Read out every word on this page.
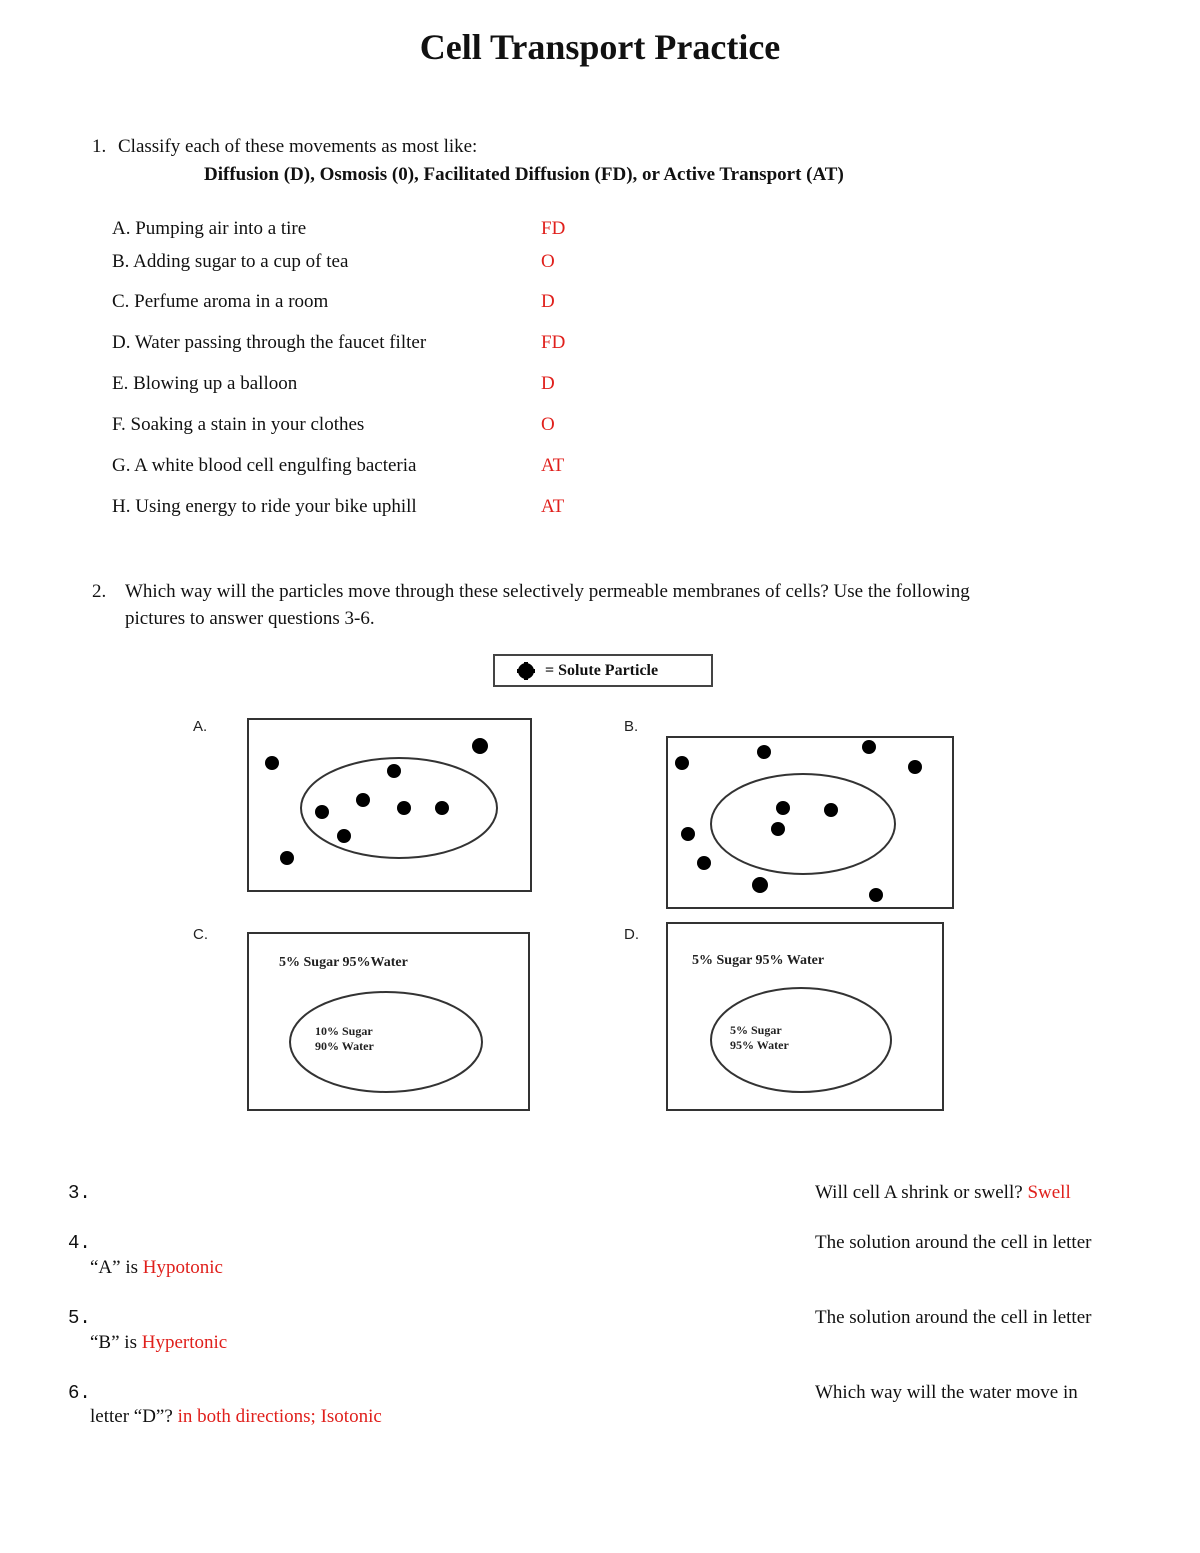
Cell Transport Practice
1. Classify each of these movements as most like:
Diffusion (D), Osmosis (0), Facilitated Diffusion (FD), or Active Transport (AT)
A. Pumping air into a tire	FD
B. Adding sugar to a cup of tea	O
C. Perfume aroma in a room	D
D. Water passing through the faucet filter	FD
E. Blowing up a balloon	D
F. Soaking a stain in your clothes	O
G. A white blood cell engulfing bacteria	AT
H. Using energy to ride your bike uphill	AT
2. Which way will the particles move through these selectively permeable membranes of cells? Use the following
pictures to answer questions 3-6.
= Solute Particle
A.	B.
C.	D.
5% Sugar 95%Water
10% Sugar
90% Water
5% Sugar 95% Water
5% Sugar
95% Water
3.	Will cell A shrink or swell? Swell
4.	The solution around the cell in letter
“A” is Hypotonic
5.	The solution around the cell in letter
“B” is Hypertonic
6.	Which way will the water move in
letter “D”? in both directions; Isotonic
